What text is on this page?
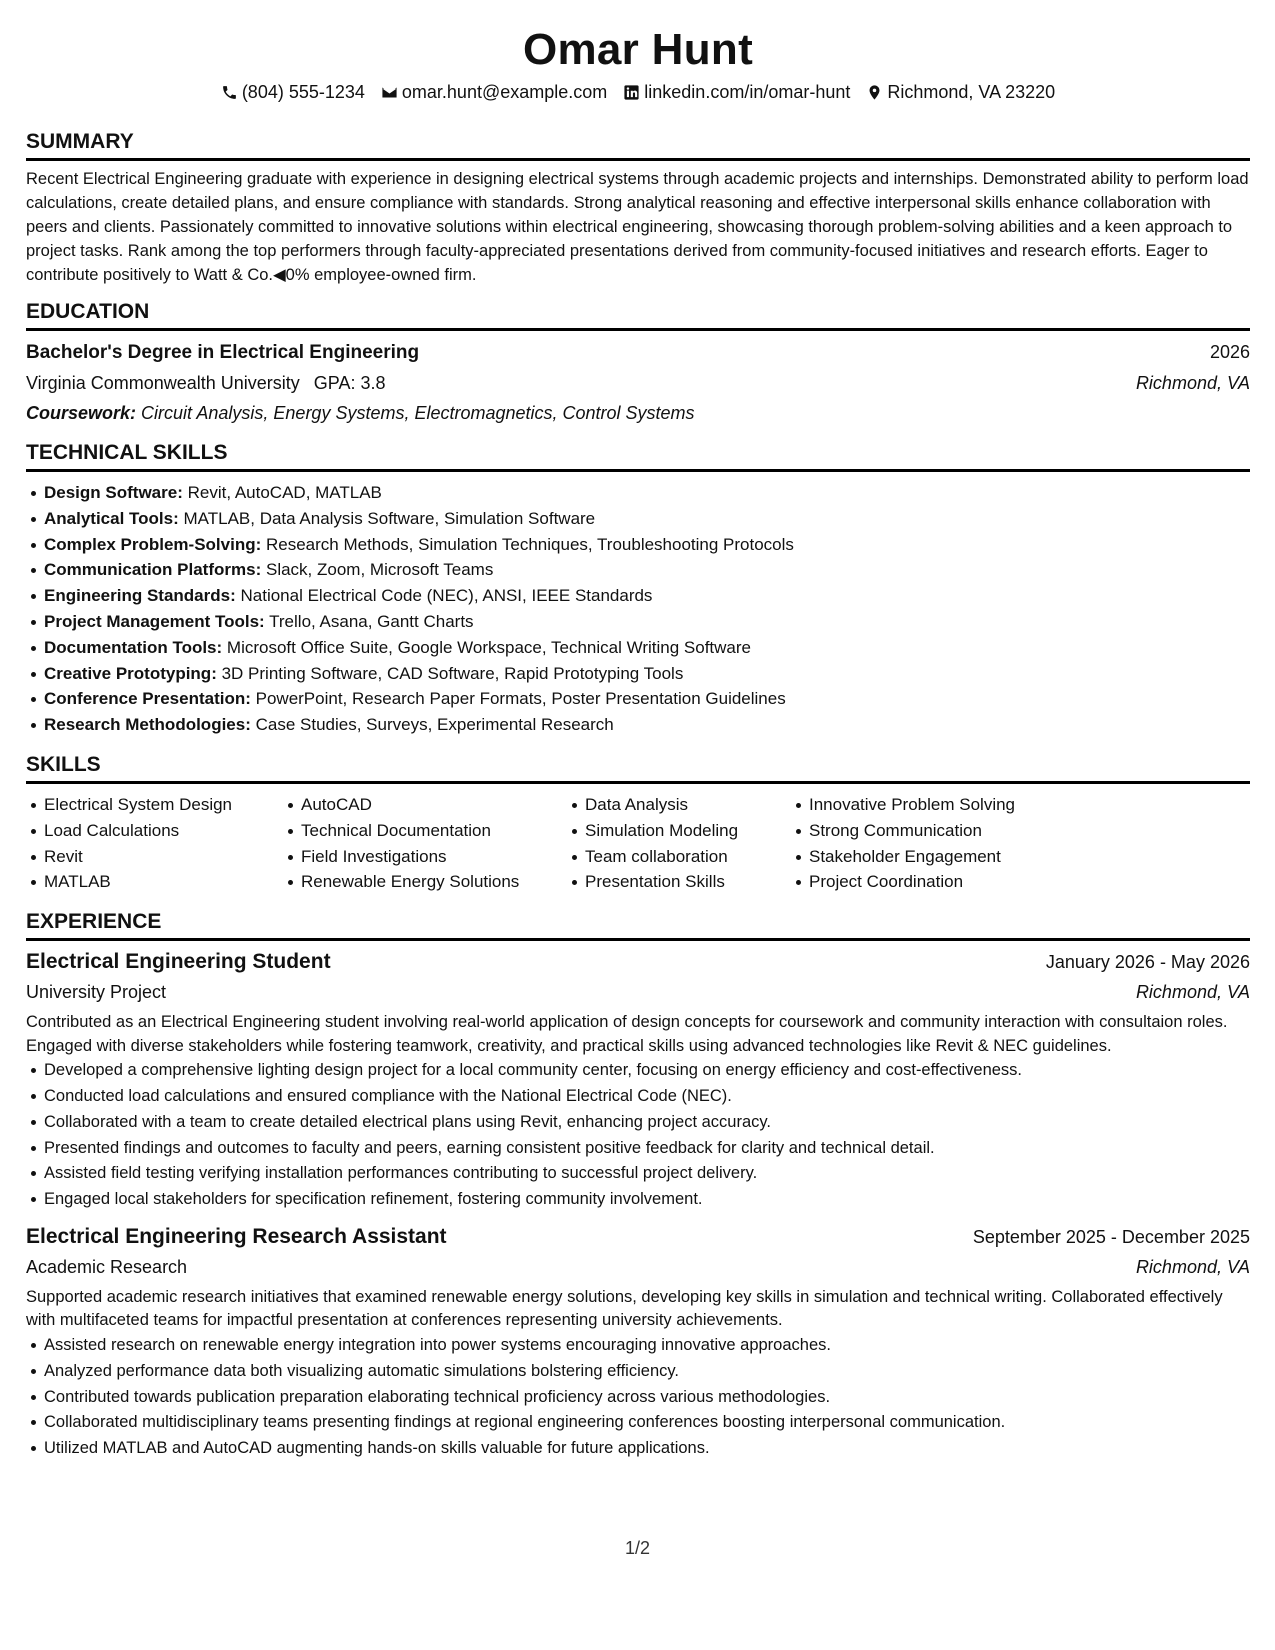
Omar Hunt
(804) 555-1234 omar.hunt@example.com linkedin.com/in/omar-hunt Richmond, VA 23220
SUMMARY
Recent Electrical Engineering graduate with experience in designing electrical systems through academic projects and internships. Demonstrated ability to perform load calculations, create detailed plans, and ensure compliance with standards. Strong analytical reasoning and effective interpersonal skills enhance collaboration with peers and clients. Passionately committed to innovative solutions within electrical engineering, showcasing thorough problem-solving abilities and a keen approach to project tasks. Rank among the top performers through faculty-appreciated presentations derived from community-focused initiatives and research efforts. Eager to contribute positively to Watt & Co.◀0% employee-owned firm.
EDUCATION
Bachelor's Degree in Electrical Engineering	2026
Virginia Commonwealth University GPA: 3.8	Richmond, VA
Coursework: Circuit Analysis, Energy Systems, Electromagnetics, Control Systems
TECHNICAL SKILLS
Design Software: Revit, AutoCAD, MATLAB
Analytical Tools: MATLAB, Data Analysis Software, Simulation Software
Complex Problem-Solving: Research Methods, Simulation Techniques, Troubleshooting Protocols
Communication Platforms: Slack, Zoom, Microsoft Teams
Engineering Standards: National Electrical Code (NEC), ANSI, IEEE Standards
Project Management Tools: Trello, Asana, Gantt Charts
Documentation Tools: Microsoft Office Suite, Google Workspace, Technical Writing Software
Creative Prototyping: 3D Printing Software, CAD Software, Rapid Prototyping Tools
Conference Presentation: PowerPoint, Research Paper Formats, Poster Presentation Guidelines
Research Methodologies: Case Studies, Surveys, Experimental Research
SKILLS
Electrical System Design
Load Calculations
Revit
MATLAB
AutoCAD
Technical Documentation
Field Investigations
Renewable Energy Solutions
Data Analysis
Simulation Modeling
Team collaboration
Presentation Skills
Innovative Problem Solving
Strong Communication
Stakeholder Engagement
Project Coordination
EXPERIENCE
Electrical Engineering Student	January 2026 - May 2026
University Project	Richmond, VA
Contributed as an Electrical Engineering student involving real-world application of design concepts for coursework and community interaction with consultaion roles. Engaged with diverse stakeholders while fostering teamwork, creativity, and practical skills using advanced technologies like Revit & NEC guidelines.
Developed a comprehensive lighting design project for a local community center, focusing on energy efficiency and cost-effectiveness.
Conducted load calculations and ensured compliance with the National Electrical Code (NEC).
Collaborated with a team to create detailed electrical plans using Revit, enhancing project accuracy.
Presented findings and outcomes to faculty and peers, earning consistent positive feedback for clarity and technical detail.
Assisted field testing verifying installation performances contributing to successful project delivery.
Engaged local stakeholders for specification refinement, fostering community involvement.
Electrical Engineering Research Assistant	September 2025 - December 2025
Academic Research	Richmond, VA
Supported academic research initiatives that examined renewable energy solutions, developing key skills in simulation and technical writing. Collaborated effectively with multifaceted teams for impactful presentation at conferences representing university achievements.
Assisted research on renewable energy integration into power systems encouraging innovative approaches.
Analyzed performance data both visualizing automatic simulations bolstering efficiency.
Contributed towards publication preparation elaborating technical proficiency across various methodologies.
Collaborated multidisciplinary teams presenting findings at regional engineering conferences boosting interpersonal communication.
Utilized MATLAB and AutoCAD augmenting hands-on skills valuable for future applications.
1/2
